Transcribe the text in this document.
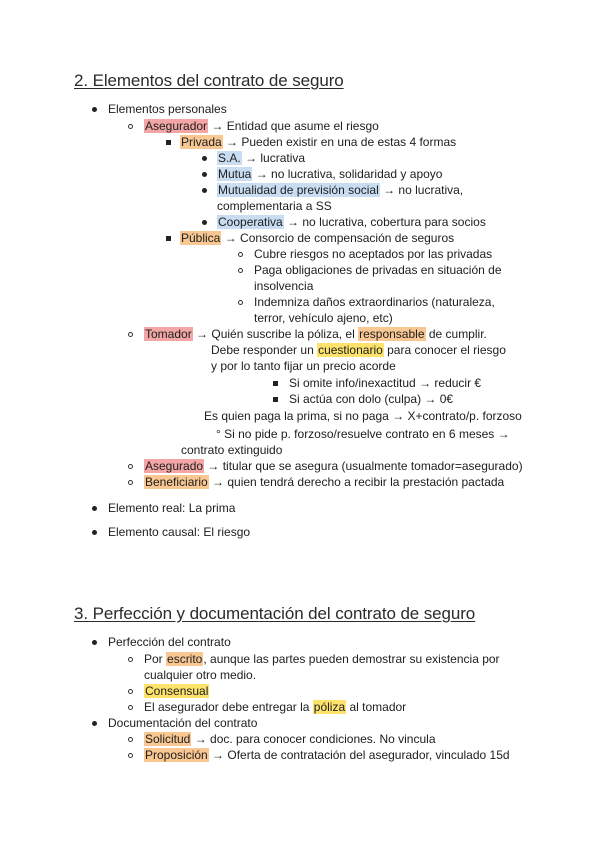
2. Elementos del contrato de seguro
Elementos personales
Asegurador → Entidad que asume el riesgo
Privada → Pueden existir en una de estas 4 formas
S.A. → lucrativa
Mutua → no lucrativa, solidaridad y apoyo
Mutualidad de previsión social → no lucrativa,
complementaria a SS
Cooperativa → no lucrativa, cobertura para socios
Pública → Consorcio de compensación de seguros
Cubre riesgos no aceptados por las privadas
Paga obligaciones de privadas en situación de
insolvencia
Indemniza daños extraordinarios (naturaleza,
terror, vehículo ajeno, etc)
Tomador → Quién suscribe la póliza, el responsable de cumplir.
Debe responder un cuestionario para conocer el riesgo
y por lo tanto fijar un precio acorde
Si omite info/inexactitud → reducir €
Si actúa con dolo (culpa) → 0€
Es quien paga la prima, si no paga → X+contrato/p. forzoso
° Si no pide p. forzoso/resuelve contrato en 6 meses →
contrato extinguido
Asegurado → titular que se asegura (usualmente tomador=asegurado)
Beneficiario → quien tendrá derecho a recibir la prestación pactada
Elemento real: La prima
Elemento causal: El riesgo
3. Perfección y documentación del contrato de seguro
Perfección del contrato
Por escrito, aunque las partes pueden demostrar su existencia por
cualquier otro medio.
Consensual
El asegurador debe entregar la póliza al tomador
Documentación del contrato
Solicitud → doc. para conocer condiciones. No vincula
Proposición → Oferta de contratación del asegurador, vinculado 15d
